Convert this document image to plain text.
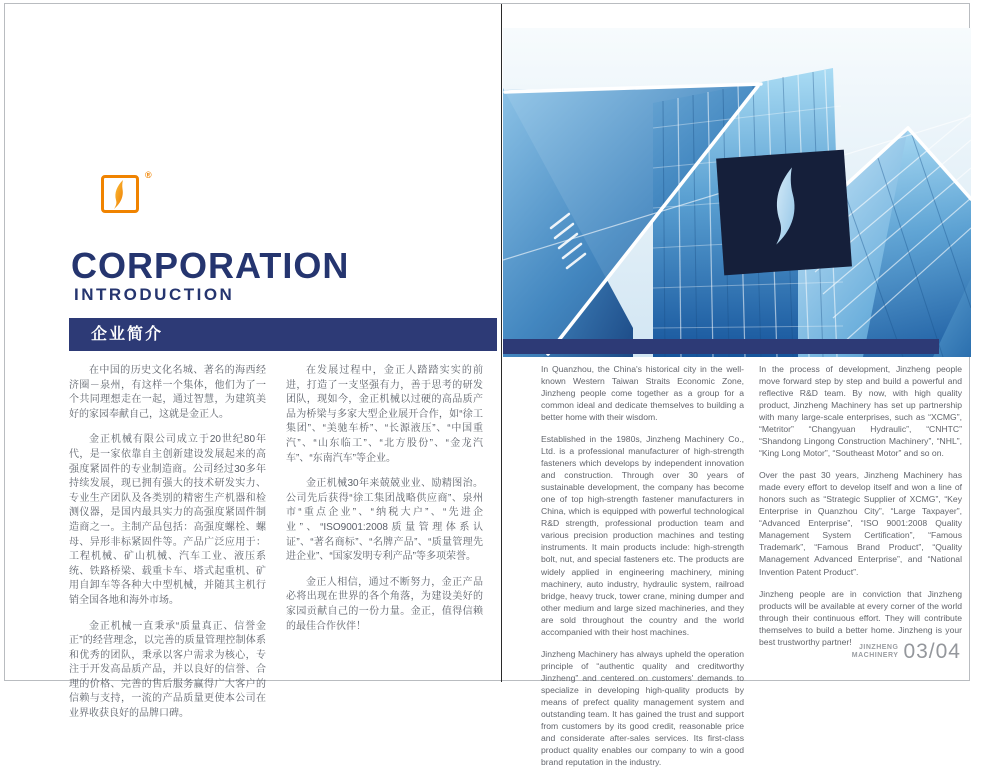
®
CORPORATION
INTRODUCTION
企业简介

在中国的历史文化名城、著名的海西经济圈－泉州，有这样一个集体，他们为了一个共同理想走在一起，通过智慧，为建筑美好的家园奉献自己，这就是金正人。

金正机械有限公司成立于20世纪80年代，是一家依靠自主创新建设发展起来的高强度紧固件的专业制造商。公司经过30多年持续发展，现已拥有强大的技术研发实力、专业生产团队及各类别的精密生产机器和检测仪器，是国内最具实力的高强度紧固件制造商之一。主制产品包括：高强度螺栓、螺母、异形非标紧固件等。产品广泛应用于：工程机械、矿山机械、汽车工业、液压系统、铁路桥梁、载重卡车、塔式起重机、矿用自卸车等各种大中型机械，并随其主机行销全国各地和海外市场。

金正机械一直秉承“质量真正、信誉金正”的经营理念，以完善的质量管理控制体系和优秀的团队，秉承以客户需求为核心，专注于开发高品质产品，并以良好的信誉、合理的价格、完善的售后服务赢得广大客户的信赖与支持，一流的产品质量更使本公司在业界收获良好的品牌口碑。

在发展过程中，金正人踏踏实实的前进，打造了一支坚强有力，善于思考的研发团队，现如今，金正机械以过硬的高品质产品为桥梁与多家大型企业展开合作，如“徐工集团”、“美驰车桥”、“长源液压”、“中国重汽”、“山东临工”、“北方股份”、“金龙汽车”、“东南汽车”等企业。

金正机械30年来兢兢业业、励精图治。公司先后获得“徐工集团战略供应商”、泉州市“重点企业”、“纳税大户”、“先进企业”、“ISO9001:2008质量管理体系认证”、“著名商标”、“名牌产品”、“质量管理先进企业”、“国家发明专利产品”等多项荣誉。

金正人相信，通过不断努力，金正产品必将出现在世界的各个角落，为建设美好的家园贡献自己的一份力量。金正，值得信赖的最佳合作伙伴！

In Quanzhou, the China's historical city in the well-known Western Taiwan Straits Economic Zone, Jinzheng people come together as a group for a common ideal and dedicate themselves to building a better home with their wisdom.

Established in the 1980s, Jinzheng Machinery Co., Ltd. is a professional manufacturer of high-strength fasteners which develops by independent innovation and construction. Through over 30 years of sustainable development, the company has become one of top high-strength fastener manufacturers in China, which is equipped with powerful technological R&D strength, professional production team and various precision production machines and testing instruments. It main products include: high-strength bolt, nut, and special fasteners etc. The products are widely applied in engineering machinery, mining machinery, auto industry, hydraulic system, railroad bridge, heavy truck, tower crane, mining dumper and other medium and large sized machineries, and they are sold throughout the country and the world accompanied with their host machines.

Jinzheng Machinery has always upheld the operation principle of “authentic quality and creditworthy Jinzheng” and centered on customers' demands to specialize in developing high-quality products by means of prefect quality management system and outstanding team. It has gained the trust and support from customers by its good credit, reasonable price and considerate after-sales services. Its first-class product quality enables our company to win a good brand reputation in the industry.

In the process of development, Jinzheng people move forward step by step and build a powerful and reflective R&D team. By now, with high quality product, Jinzheng Machinery has set up partnership with many large-scale enterprises, such as “XCMG”, “Metritor” “Changyuan Hydraulic”, “CNHTC” “Shandong Lingong Construction Machinery”, “NHL”, “King Long Motor”, “Southeast Motor” and so on.

Over the past 30 years, Jinzheng Machinery has made every effort to develop itself and won a line of honors such as “Strategic Supplier of XCMG”, “Key Enterprise in Quanzhou City”, “Large Taxpayer”, “Advanced Enterprise”, “ISO 9001:2008 Quality Management System Certification”, “Famous Trademark”, “Famous Brand Product”, “Quality Management Advanced Enterprise”, and “National Invention Patent Product”.

Jinzheng people are in conviction that Jinzheng products will be available at every corner of the world through their continuous effort. They will contribute themselves to build a better home. Jinzheng is your best trustworthy partner!

JINZHENG
MACHINERY 03/04
